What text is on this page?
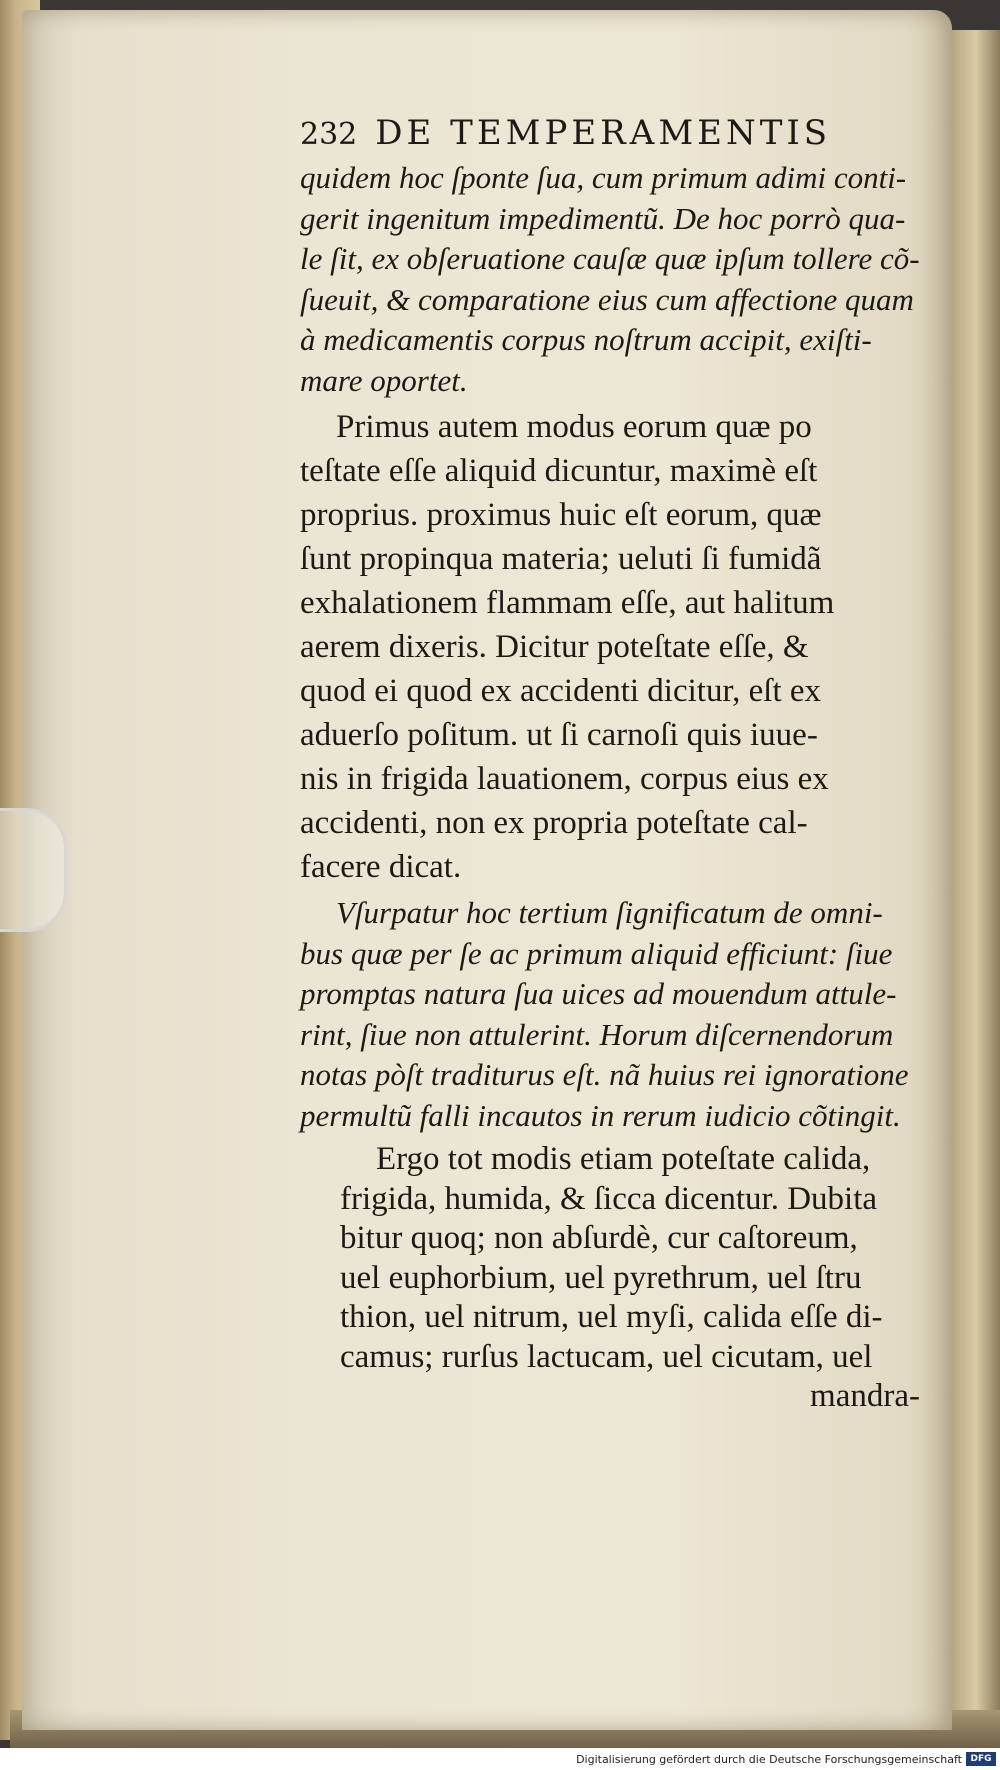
232 DE TEMPERAMENTIS
quidem hoc ſponte ſua, cum primum adimi conti-
gerit ingenitum impedimentũ. De hoc porrò qua-
le ſit, ex obſeruatione cauſæ quæ ipſum tollere cõ-
ſueuit, & comparatione eius cum affectione quam
à medicamentis corpus noſtrum accipit, exiſti-
mare oportet.
Primus autem modus eorum quæ po
teſtate eſſe aliquid dicuntur, maximè eſt
proprius. proximus huic eſt eorum, quæ
ſunt propinqua materia; ueluti ſi fumidã
exhalationem flammam eſſe, aut halitum
aerem dixeris. Dicitur poteſtate eſſe, &
quod ei quod ex accidenti dicitur, eſt ex
aduerſo poſitum. ut ſi carnoſi quis iuue-
nis in frigida lauationem, corpus eius ex
accidenti, non ex propria poteſtate cal-
facere dicat.
Vſurpatur hoc tertium ſignificatum de omni-
bus quæ per ſe ac primum aliquid efficiunt: ſiue
promptas natura ſua uices ad mouendum attule-
rint, ſiue non attulerint. Horum diſcernendorum
notas pòſt traditurus eſt. nã huius rei ignoratione
permultũ falli incautos in rerum iudicio cõtingit.
Ergo tot modis etiam poteſtate calida,
frigida, humida, & ſicca dicentur. Dubita
bitur quoq; non abſurdè, cur caſtoreum,
uel euphorbium, uel pyrethrum, uel ſtru
thion, uel nitrum, uel myſi, calida eſſe di-
camus; rurſus lactucam, uel cicutam, uel
mandra-
Digitalisierung gefördert durch die Deutsche Forschungsgemeinschaft DFG
